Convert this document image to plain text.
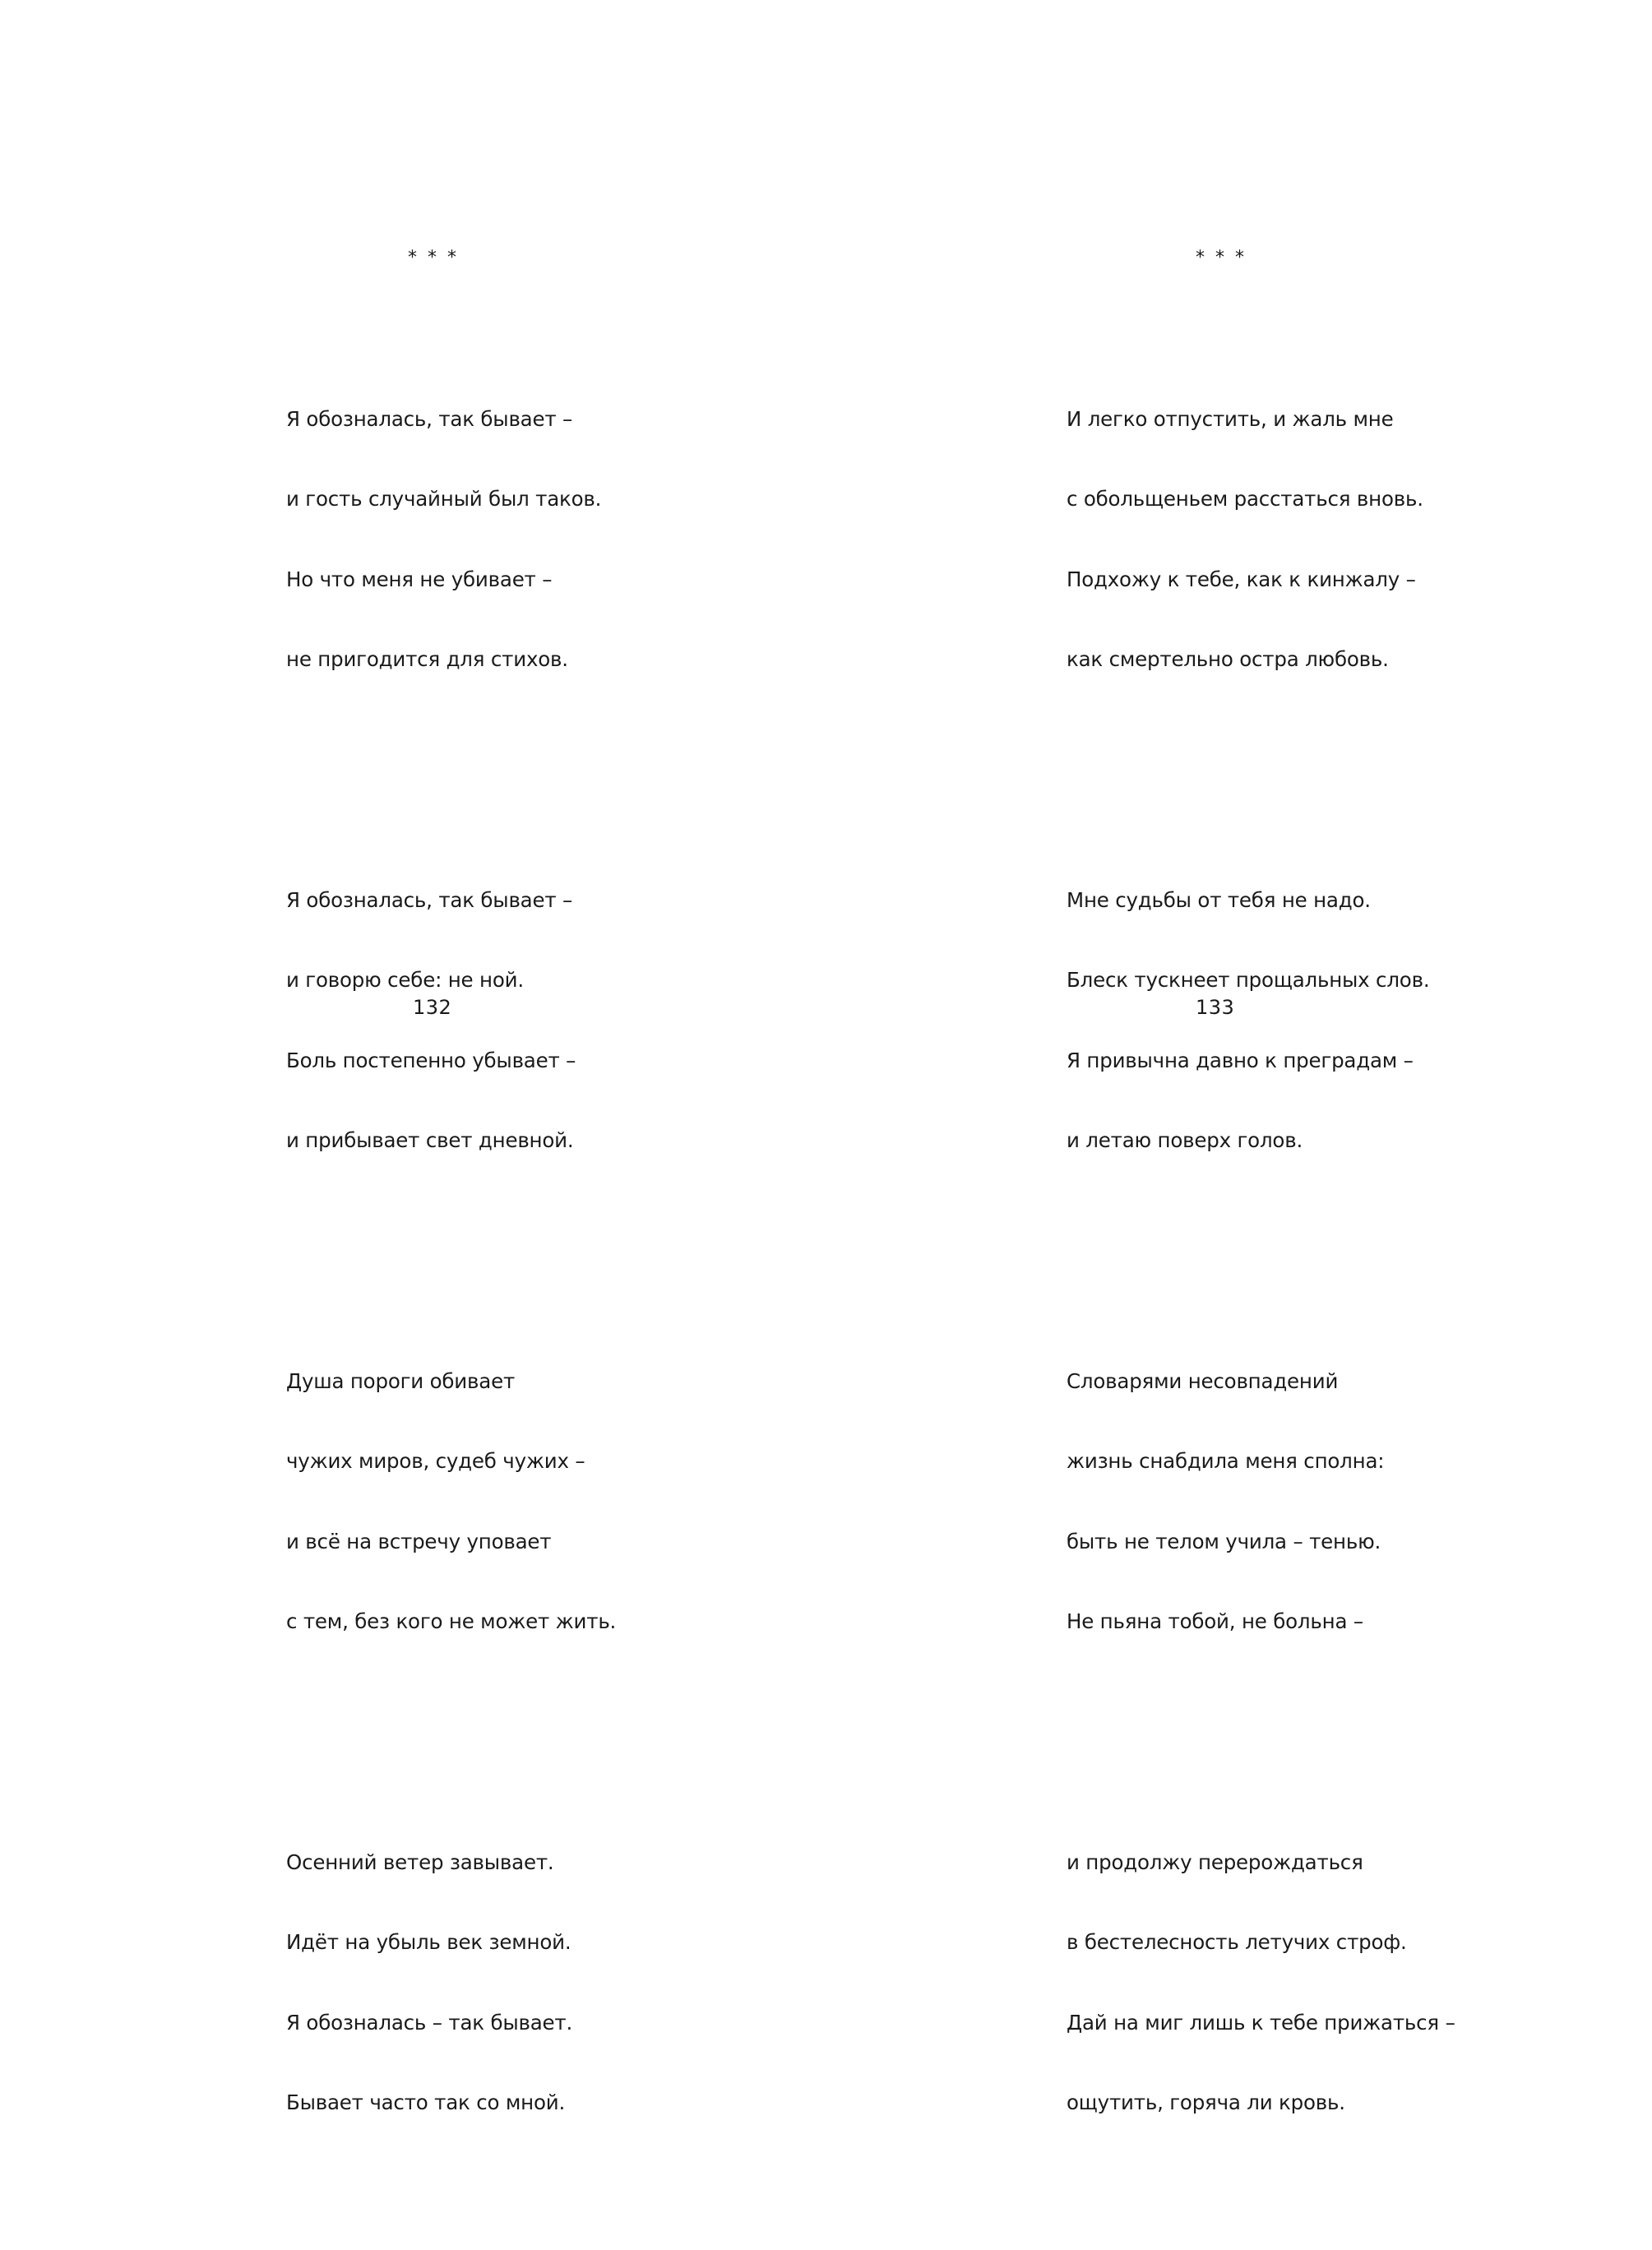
* * *

Я обозналась, так бывает –

и гость случайный был таков.

Но что меня не убивает –

не пригодится для стихов.

Я обозналась, так бывает –

и говорю себе: не ной.

Боль постепенно убывает –

и прибывает свет дневной.

Душа пороги обивает

чужих миров, судеб чужих –

и всё на встречу уповает

с тем, без кого не может жить.

Осенний ветер завывает.

Идёт на убыль век земной.

Я обозналась – так бывает.

Бывает часто так со мной.

132

* * *

И легко отпустить, и жаль мне

с обольщеньем расстаться вновь.

Подхожу к тебе, как к кинжалу –

как смертельно остра любовь.

Мне судьбы от тебя не надо.

Блеск тускнеет прощальных слов.

Я привычна давно к преградам –

и летаю поверх голов.

Словарями несовпадений

жизнь снабдила меня сполна:

быть не телом учила – тенью.

Не пьяна тобой, не больна –

и продолжу перерождаться

в бестелесность летучих строф.

Дай на миг лишь к тебе прижаться –

ощутить, горяча ли кровь.

133
